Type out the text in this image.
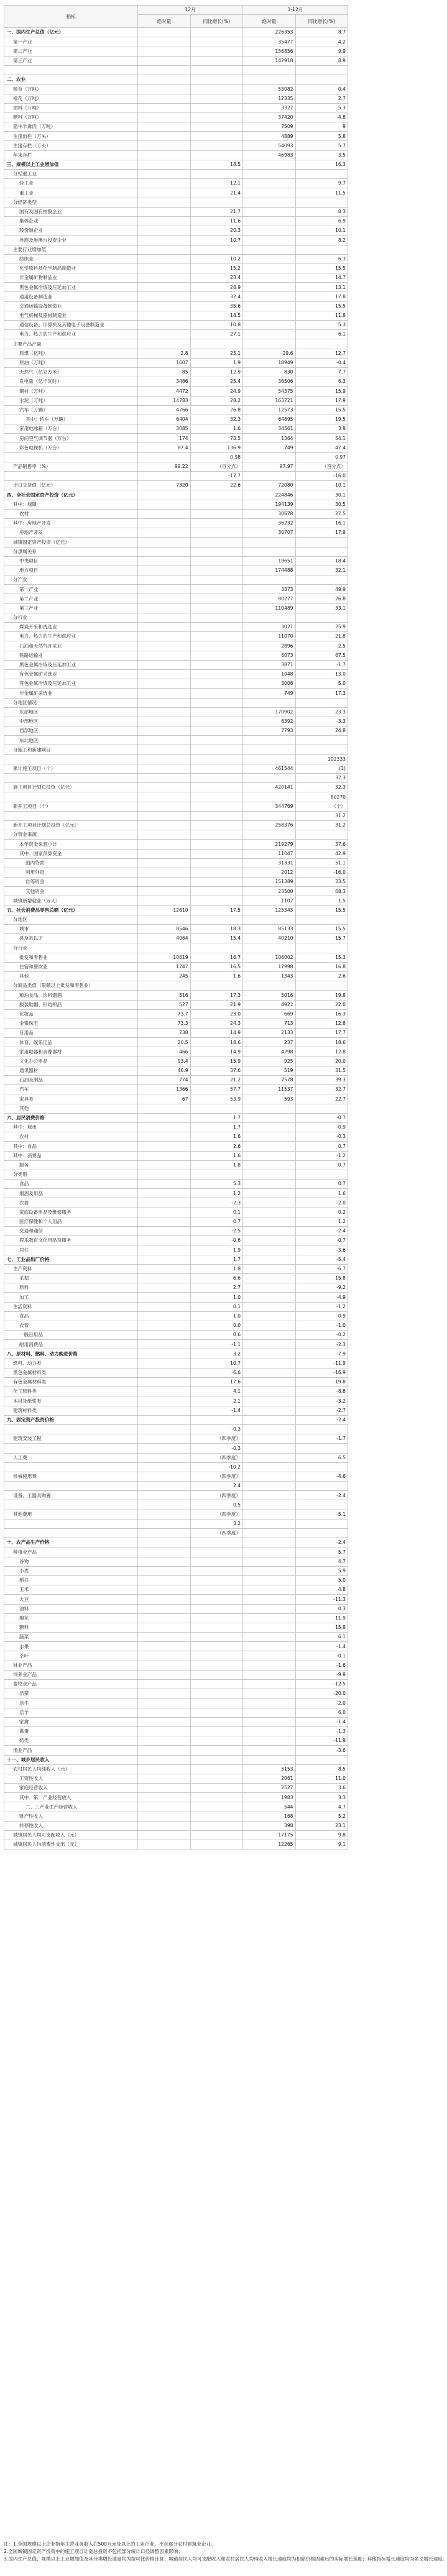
指标	12月		1-12月	
	绝对量	同比增长(%)	绝对量	同比增长(%)
一、国内生产总值（亿元）			226353	8.7
第一产业			35477	4.2
第二产业			156856	9.9
第三产业			142918	8.9

二、农业				
粮食（万吨）			53082	0.4
棉花（万吨）			12335	2.7
油料（万吨）			3327	5.3
糖料（万吨）			37420	-4.8
猪牛羊禽肉（万吨）			7509	9
生猪出栏（万头）			4889	5.8
生猪存栏（万头）			54093	5.7
年末存栏			46983	3.5
三、规模以上工业增加值		18.5		16.3
分轻重工业				
轻工业		12.1		9.7
重工业		21.4		11.5
分经济类型				
国有及国有控股企业		21.7		8.3
集体企业		11.6		6.9
股份制企业		20.3		10.1
外商及港澳台投资企业		10.7		8.2
主要行业增加值				
纺织业		10.2		6.3
化学原料及化学制品制造业		15.2		15.5
非金属矿物制品业		23.4		14.7
黑色金属冶炼及压延加工业		28.9		13.1
通用设备制造业		32.4		17.8
交通运输设备制造业		35.6		15.5
电气机械及器材制造业		18.5		11.8
通信设备、计算机及其他电子设备制造业		10.8		5.3
电力、热力的生产和供应业		27.1		6.1
主要产品产量				
原煤（亿吨）	2.8	25.1	29.6	12.7
原油（万吨）	1607	1.9	18949	-0.4
天然气（亿立方米）	85	12.9	830	7.7
发电量（亿千瓦时）	3486	25.4	36506	6.3
钢材（万吨）	4472	24.9	54375	15.9
水泥（万吨）	14783	28.2	163721	17.9
汽车（万辆）	4766	26.8	12573	15.5
其中：轿车（万辆）	6404	32.3	64895	19.5
家用电冰箱（万台）	3085	1.6	34561	3.9
房间空气调节器（万台）	174	73.5	1364	54.1
彩色电视机（万台）	87.4	136.9	749	47.4
		0.98		0.97
产品销售率（%）	99.22	（百分点）	97.97	（百分点）
		-17.7		-16.0
出口交货值（亿元）	7320	22.6	72080	-10.1
四、全社会固定资产投资（亿元）			224846	30.1
其中：城镇			194139	30.5
农村			30678	27.5
其中：房地产开发			36232	16.1
房地产开发			30707	17.9
城镇固定资产投资（亿元）				
分隶属关系				
中央项目			19651	18.4
地方项目			174488	32.1
分产业				
第一产业			3373	49.9
第二产业			80277	26.8
第三产业			110489	33.1
分行业				
煤炭开采和洗选业			3021	25.9
电力、热力的生产和供应业			11070	21.8
石油和天然气开采业			2896	-2.5
铁路运输业			6073	67.5
黑色金属冶炼及压延加工业			3871	-1.7
有色金属矿采选业			1048	13.0
有色金属冶炼及压延加工业			3008	5.0
非金属矿采选业			749	17.3
分地区情况				
东部地区			170902	23.3
中部地区			6392	-3.3
西部地区			7793	24.8
东北地区				
分施工和新建项目				
				102333
累计施工项目（个）			461544	(1)
				32.3
施工项目计划总投资（亿元）			420141	32.3
				80270
新开工项目（个）			344769	（个）
				31.2
新开工项目计划总投资（亿元）			258376	31.2
分资金来源				
本年资金来源小计			219279	37.6
其中：国家预算资金			11047	42.9
国内贷款			31331	51.1
利用外资			2012	-16.0
自筹资金			151389	33.5
其他资金			23500	68.3
城镇新增就业（万人）			1102	1.5
五、社会消费品零售总额（亿元）	12610	17.5	125343	15.5
分地区				
城市	8546	18.3	85133	15.5
县及县以下	4064	15.4	40210	15.7
分行业				
批发和零售业	10619	16.7	106002	15.3
住宿和餐饮业	1747	16.5	17998	16.8
其他	245	1.6	1343	2.6
分商品类值（限额以上批发和零售业）				
粮油食品、饮料烟酒	516	17.3	5016	19.8
服装鞋帽、针纺织品	527	21.9	4922	22.0
化妆品	73.7	23.0	669	16.3
金银珠宝	73.3	24.3	713	12.8
日用品	238	14.9	2133	17.7
体育、娱乐用品	20.5	18.6	237	18.6
家用电器和音像器材	466	14.9	4298	12.8
文化办公用品	93.4	15.9	925	20.0
通讯器材	46.9	37.6	519	31.5
石油及制品	774	21.2	7578	39.3
汽车	1366	57.7	11537	32.7
家具类	67	53.9	593	22.7
其他				
六、居民消费价格		1.7		-0.7
其中：城市		1.7		-0.9
农村		1.6		-0.3
其中：食品		2.6		0.7
其中：消费品		1.6		-1.2
服务		1.8		0.7
分类别				
食品		5.3		0.7
烟酒及用品		1.2		1.6
衣着		-2.3		-2.0
家庭设备用品及维修服务		0.1		0.2
医疗保健和个人用品		0.7		1.2
交通和通信		-2.5		-2.4
娱乐教育文化用品及服务		-0.6		-0.7
居住		1.9		-3.6
七、工业品出厂价格		1.7		-5.4
生产资料		1.8		-6.7
采掘		6.6		-15.8
原料		2.7		-9.2
加工		1.0		-4.9
生活资料		0.1		-1.2
食品		1.0		-0.9
衣着		0.0		-1.0
一般日用品		0.6		-0.2
耐用消费品		-1.1		-2.3
八、原材料、燃料、动力购进价格		3.2		-7.9
燃料、动力类		10.7		-11.9
黑色金属材料类		-6.6		-16.9
有色金属材料类		17.6		-19.8
化工原料类		4.1		-8.8
木材及纸浆类		2.1		-3.2
建筑材料类		-1.4		-2.7
九、固定资产投资价格				-2.4
		-0.3		
建筑安装工程		（四季度）		-1.7
		-0.3		
人工费		（四季度）		6.5
		-10.2		
机械使用费		（四季度）		-4.6
		2.4		
设备、工器具购置		（四季度）		-2.4
		0.5		
其他费用		（四季度）		-5.1
		3.2		
		（四季度）		
十、农产品生产价格				-2.4
种植业产品				5.7
谷物				4.7
小麦				5.9
稻谷				5.0
玉米				4.8
大豆				-11.3
油料				0.3
棉花				11.9
糖料				15.8
蔬菜				6.1
水果				-1.4
茶叶				-0.1
林业产品				-1.6
饲养业产品				-9.9
畜牧业产品				-12.5
活猪				-20.0
活牛				-2.0
活羊				6.0
家禽				-1.4
禽蛋				-1.3
奶类				-11.9
渔业产品				-3.6
十一、城乡居民收入				
农村居民人均纯收入（元）			5153	8.5
工资性收入			2061	11.0
家庭经营收入			2527	3.6
其中：第一产业经营收入			1983	3.3
二、三产业生产经营收入			544	4.7
财产性收入			168	5.2
转移性收入			398	23.1
城镇居民人均可支配收入（元）			17175	9.8
城镇居民人均消费性支出（元）			12265	9.1
注：1.全国规模以上企业指年主营业务收入在500万元及以上的工业企业，不含部分农村建筑业企业。
2.全国城镇固定资产投资中的施工项目计划总投资不包括部分统计口径调整因素影响；
3.国内生产总值、规模以上工业增加值及其分类增长速度均为按可比价格计算；城镇居民人均可支配收入和农村居民人均纯收入增长速度均为扣除价格因素后的实际增长速度；其他指标增长速度均为名义增长速度。
